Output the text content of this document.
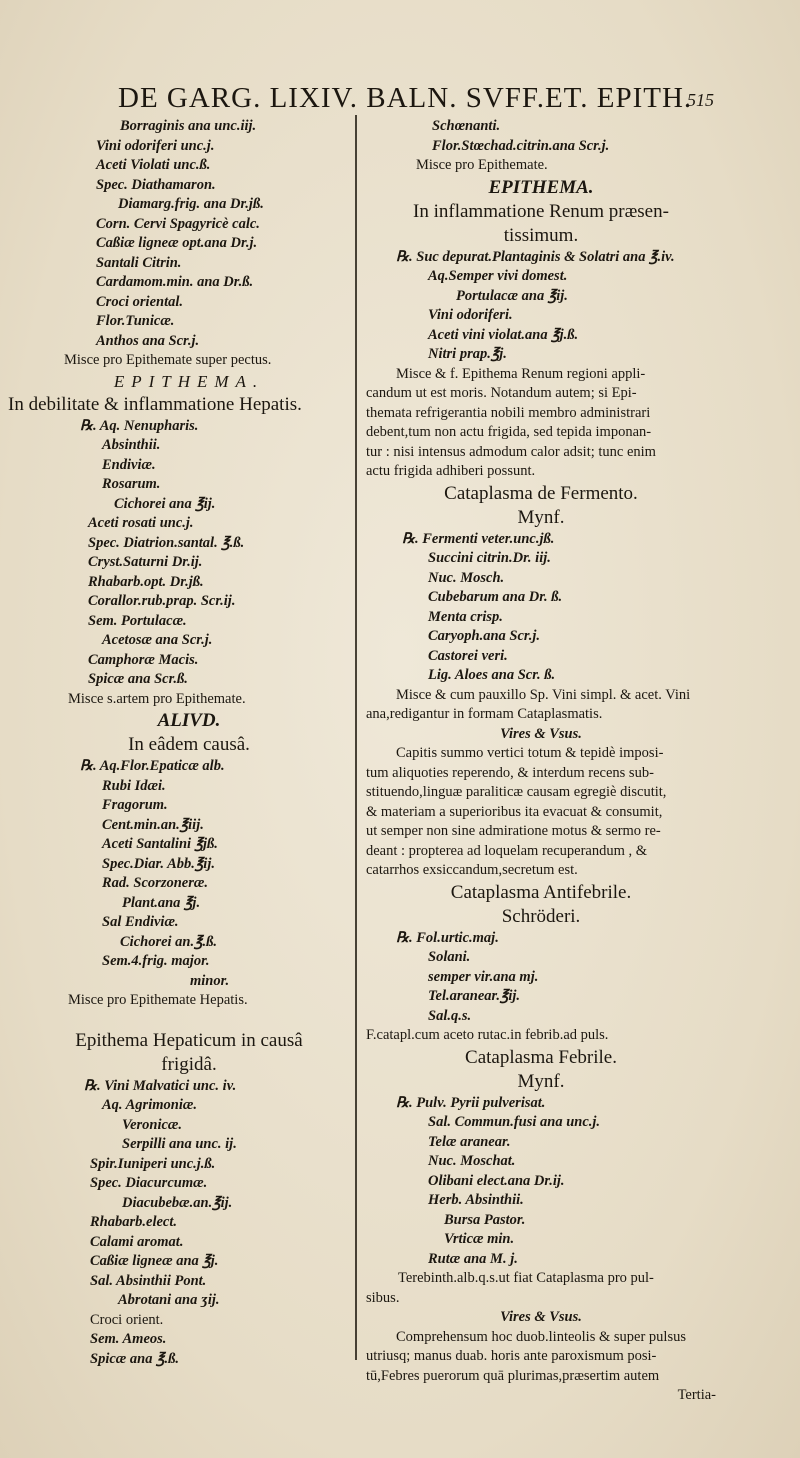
DE GARG. LIXIV. BALN. SVFF.ET. EPITH.
515
Borraginis ana unc.iij.
Vini odoriferi unc.j.
Aceti Violati unc.ß.
Spec. Diathamaron.
Diamarg.frig. ana Dr.jß.
Corn. Cervi Spagyricè calc.
Caßiæ ligneæ opt.ana Dr.j.
Santali Citrin.
Cardamom.min. ana Dr.ß.
Croci oriental.
Flor.Tunicæ.
Anthos ana Scr.j.
Misce pro Epithemate super pectus.
EPITHEMA.
In debilitate & inflammatione Hepatis.
℞. Aq. Nenupharis.
Absinthii.
Endiviæ.
Rosarum.
Cichorei ana ℥ij.
Aceti rosati unc.j.
Spec. Diatrion.santal. ℥.ß.
Cryst.Saturni Dr.ij.
Rhabarb.opt. Dr.jß.
Corallor.rub.prap. Scr.ij.
Sem. Portulacæ.
Acetosæ ana Scr.j.
Camphoræ Macis.
Spicæ ana Scr.ß.
Misce s.artem pro Epithemate.
ALIVD.
In eâdem causâ.
℞. Aq.Flor.Epaticæ alb.
Rubi Idæi.
Fragorum.
Cent.min.an.℥iij.
Aceti Santalini ℥jß.
Spec.Diar. Abb.℥ij.
Rad. Scorzoneræ.
Plant.ana ℥j.
Sal Endiviæ.
Cichorei an.℥.ß.
Sem.4.frig. major.
minor.
Misce pro Epithemate Hepatis.
Epithema Hepaticum in causâ
frigidâ.
℞. Vini Malvatici unc. iv.
Aq. Agrimoniæ.
Veronicæ.
Serpilli ana unc. ij.
Spir.Iuniperi unc.j.ß.
Spec. Diacurcumæ.
Diacubebæ.an.℥ij.
Rhabarb.elect.
Calami aromat.
Caßiæ ligneæ ana ℥j.
Sal. Absinthii Pont.
Abrotani ana ʒij.
Croci orient.
Sem. Ameos.
Spicæ ana ℥.ß.
Schœnanti.
Flor.Stœchad.citrin.ana Scr.j.
Misce pro Epithemate.
EPITHEMA.
In inflammatione Renum præsen-
tissimum.
℞. Suc depurat.Plantaginis & Solatri ana ℥.iv.
Aq.Semper vivi domest.
Portulacæ ana ℥ij.
Vini odoriferi.
Aceti vini violat.ana ℥j.ß.
Nitri prap.℥j.
Misce & f. Epithema Renum regioni appli-
candum ut est moris. Notandum autem; si Epi-
themata refrigerantia nobili membro administrari
debent,tum non actu frigida, sed tepida imponan-
tur : nisi intensus admodum calor adsit; tunc enim
actu frigida adhiberi possunt.
Cataplasma de Fermento.
Mynf.
℞. Fermenti veter.unc.jß.
Succini citrin.Dr. iij.
Nuc. Mosch.
Cubebarum ana Dr. ß.
Menta crisp.
Caryoph.ana Scr.j.
Castorei veri.
Lig. Aloes ana Scr. ß.
Misce & cum pauxillo Sp. Vini simpl. & acet. Vini
ana,redigantur in formam Cataplasmatis.
Vires & Vsus.
Capitis summo vertici totum & tepidè imposi-
tum aliquoties reperendo, & interdum recens sub-
stituendo,linguæ paraliticæ causam egregiè discutit,
& materiam a superioribus ita evacuat & consumit,
ut semper non sine admiratione motus & sermo re-
deant : propterea ad loquelam recuperandum , &
catarrhos exsiccandum,secretum est.
Cataplasma Antifebrile.
Schröderi.
℞. Fol.urtic.maj.
Solani.
semper vir.ana mj.
Tel.aranear.℥ij.
Sal.q.s.
F.catapl.cum aceto rutac.in febrib.ad puls.
Cataplasma Febrile.
Mynf.
℞. Pulv. Pyrii pulverisat.
Sal. Commun.fusi ana unc.j.
Telæ aranear.
Nuc. Moschat.
Olibani elect.ana Dr.ij.
Herb. Absinthii.
Bursa Pastor.
Vrticæ min.
Rutæ ana M. j.
Terebinth.alb.q.s.ut fiat Cataplasma pro pul-
sibus.
Vires & Vsus.
Comprehensum hoc duob.linteolis & super pulsus
utriusq; manus duab. horis ante paroxismum posi-
tū,Febres puerorum quā plurimas,præsertim autem
Tertia-
